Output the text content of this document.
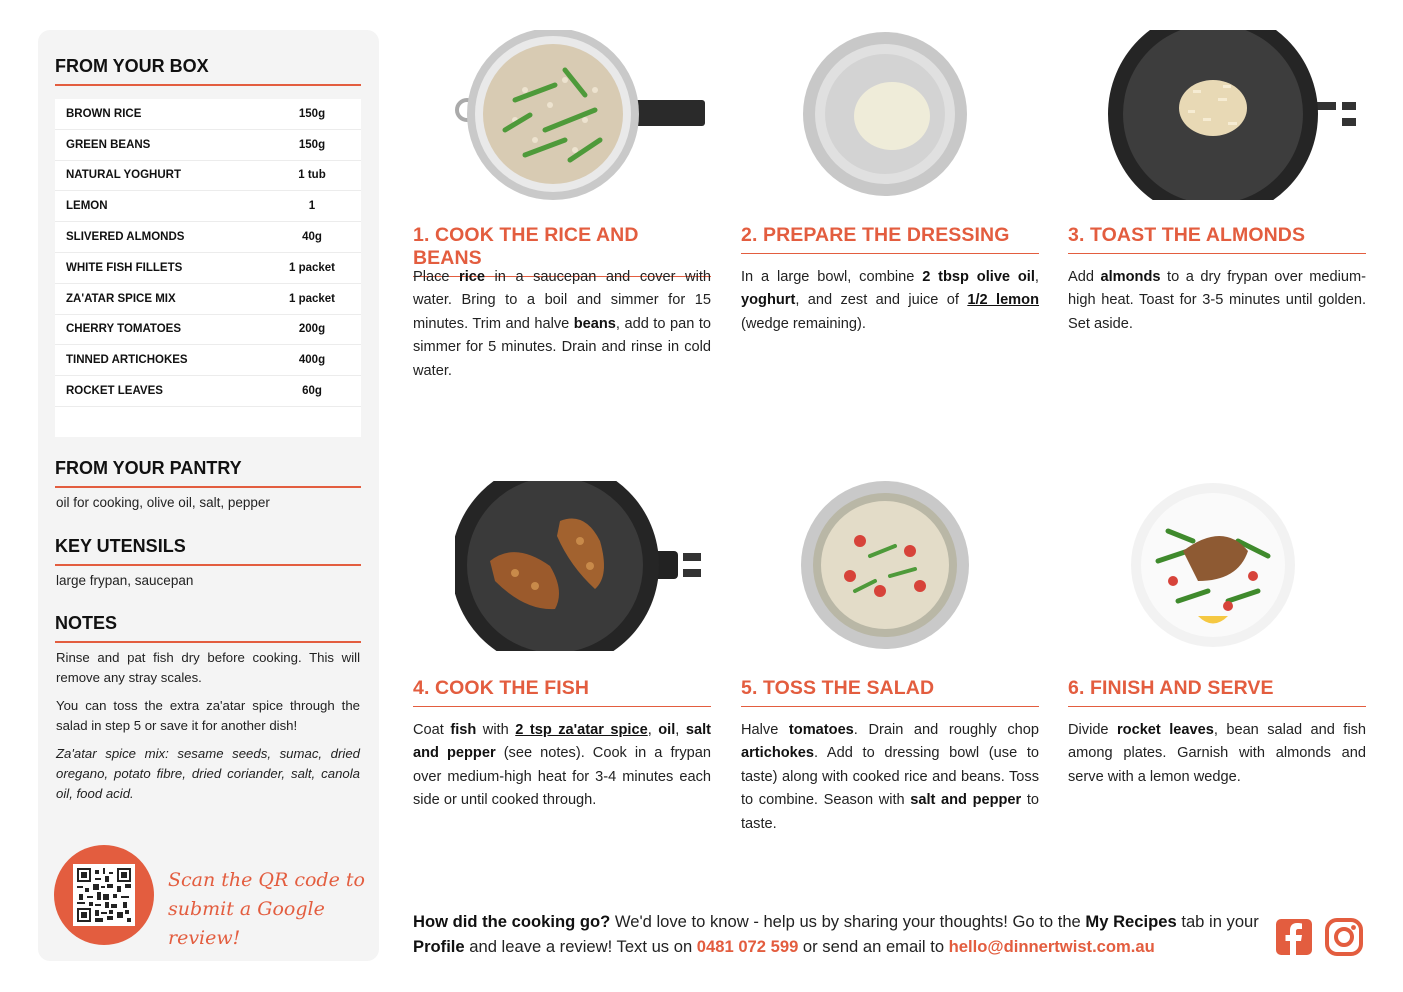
FROM YOUR BOX
BROWN RICE	150g
GREEN BEANS	150g
NATURAL YOGHURT	1 tub
LEMON	1
SLIVERED ALMONDS	40g
WHITE FISH FILLETS	1 packet
ZA'ATAR SPICE MIX	1 packet
CHERRY TOMATOES	200g
TINNED ARTICHOKES	400g
ROCKET LEAVES	60g
FROM YOUR PANTRY
oil for cooking, olive oil, salt, pepper
KEY UTENSILS
large frypan, saucepan
NOTES

Rinse and pat fish dry before cooking. This will remove any stray scales.

You can toss the extra za'atar spice through the salad in step 5 or save it for another dish!

Za'atar spice mix: sesame seeds, sumac, dried oregano, potato fibre, dried coriander, salt, canola oil, food acid.

Scan the QR code to
submit a Google review!
1. COOK THE RICE AND BEANS
Place rice in a saucepan and cover with water. Bring to a boil and simmer for 15 minutes. Trim and halve beans, add to pan to simmer for 5 minutes. Drain and rinse in cold water.
2. PREPARE THE DRESSING
In a large bowl, combine 2 tbsp olive oil, yoghurt, and zest and juice of 1/2 lemon (wedge remaining).
3. TOAST THE ALMONDS
Add almonds to a dry frypan over medium-high heat. Toast for 3-5 minutes until golden. Set aside.
4. COOK THE FISH
Coat fish with 2 tsp za'atar spice, oil, salt and pepper (see notes). Cook in a frypan over medium-high heat for 3-4 minutes each side or until cooked through.
5. TOSS THE SALAD
Halve tomatoes. Drain and roughly chop artichokes. Add to dressing bowl (use to taste) along with cooked rice and beans. Toss to combine. Season with salt and pepper to taste.
6. FINISH AND SERVE
Divide rocket leaves, bean salad and fish among plates. Garnish with almonds and serve with a lemon wedge.
How did the cooking go? We'd love to know - help us by sharing your thoughts! Go to the My Recipes tab in your Profile and leave a review! Text us on 0481 072 599 or send an email to hello@dinnertwist.com.au
